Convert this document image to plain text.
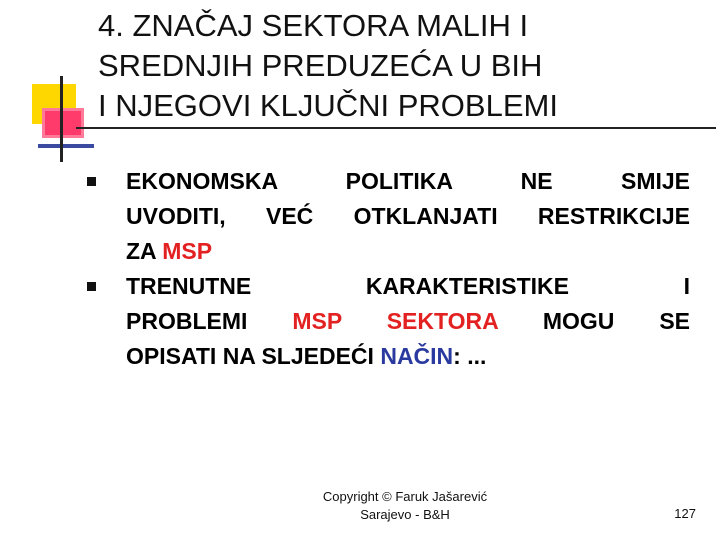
4. ZNAČAJ SEKTORA MALIH I
SREDNJIH PREDUZEĆA U BIH
I NJEGOVI KLJUČNI PROBLEMI
EKONOMSKA POLITIKA NE SMIJE
UVODITI, VEĆ OTKLANJATI RESTRIKCIJE
ZA MSP
TRENUTNE KARAKTERISTIKE I
PROBLEMI MSP SEKTORA MOGU SE
OPISATI NA SLJEDEĆI NAČIN: ...
Copyright © Faruk Jašarević
Sarajevo - B&H	127
